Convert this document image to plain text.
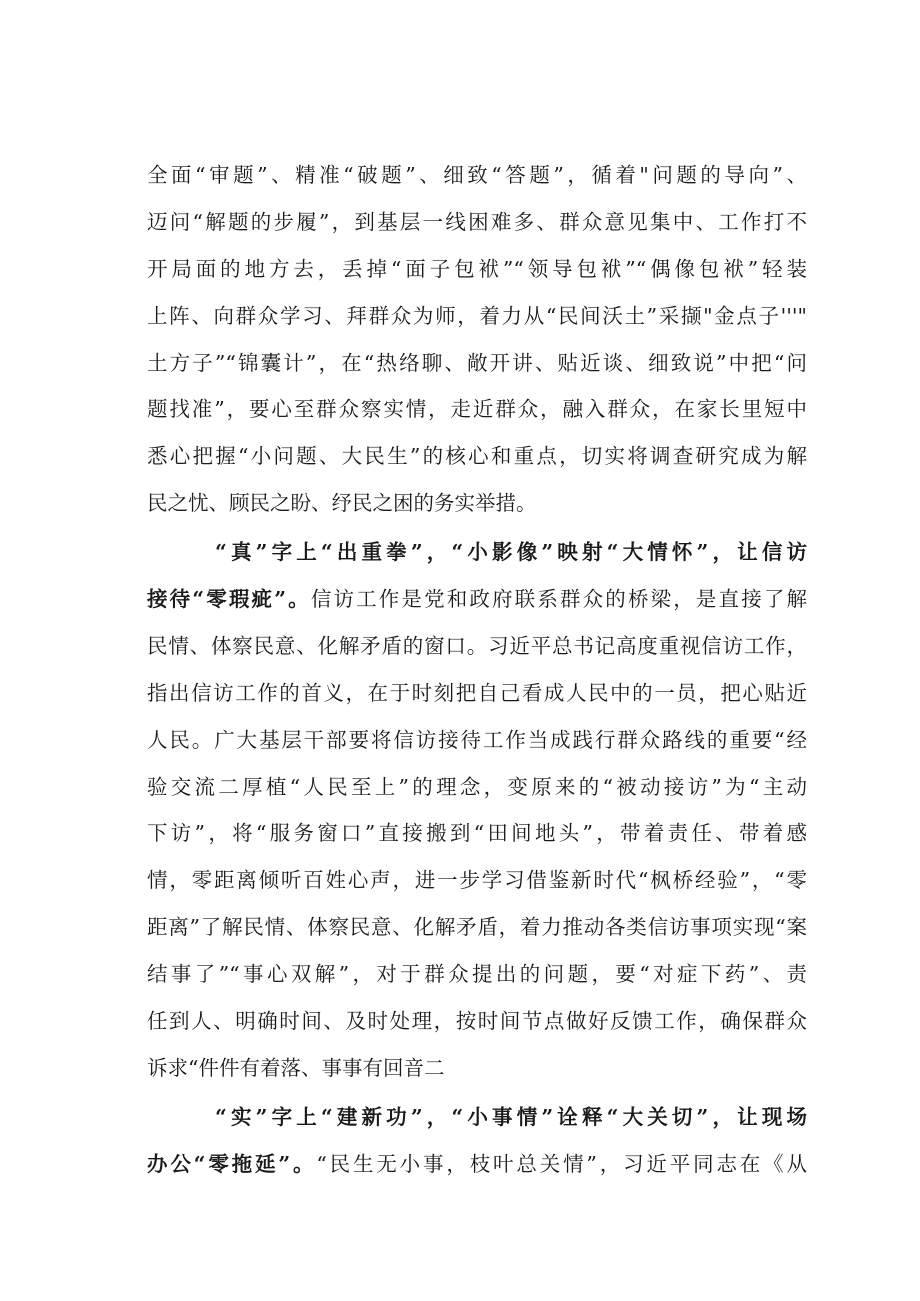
全面“审题”、精准“破题”、细致“答题”，循着"问题的导向”、
迈问“解题的步履”，到基层一线困难多、群众意见集中、工作打不
开局面的地方去，丢掉“面子包袱”“领导包袱”“偶像包袱”轻装
上阵、向群众学习、拜群众为师，着力从“民间沃土”采撷"金点子'''"
土方子”“锦囊计”，在“热络聊、敞开讲、贴近谈、细致说”中把“问
题找准”，要心至群众察实情，走近群众，融入群众，在家长里短中
悉心把握“小问题、大民生”的核心和重点，切实将调查研究成为解
民之忧、顾民之盼、纾民之困的务实举措。
“真”字上“出重拳”，“小影像”映射“大情怀”，让信访
接待“零瑕疵”。信访工作是党和政府联系群众的桥梁，是直接了解
民情、体察民意、化解矛盾的窗口。习近平总书记高度重视信访工作，
指出信访工作的首义，在于时刻把自己看成人民中的一员，把心贴近
人民。广大基层干部要将信访接待工作当成践行群众路线的重要“经
验交流二厚植“人民至上”的理念，变原来的“被动接访”为“主动
下访”，将“服务窗口”直接搬到“田间地头”，带着责任、带着感
情，零距离倾听百姓心声，进一步学习借鉴新时代“枫桥经验”，“零
距离”了解民情、体察民意、化解矛盾，着力推动各类信访事项实现“案
结事了”“事心双解”，对于群众提出的问题，要“对症下药”、责
任到人、明确时间、及时处理，按时间节点做好反馈工作，确保群众
诉求“件件有着落、事事有回音二
“实”字上“建新功”，“小事情”诠释“大关切”，让现场
办公“零拖延”。“民生无小事，枝叶总关情”，习近平同志在《从
